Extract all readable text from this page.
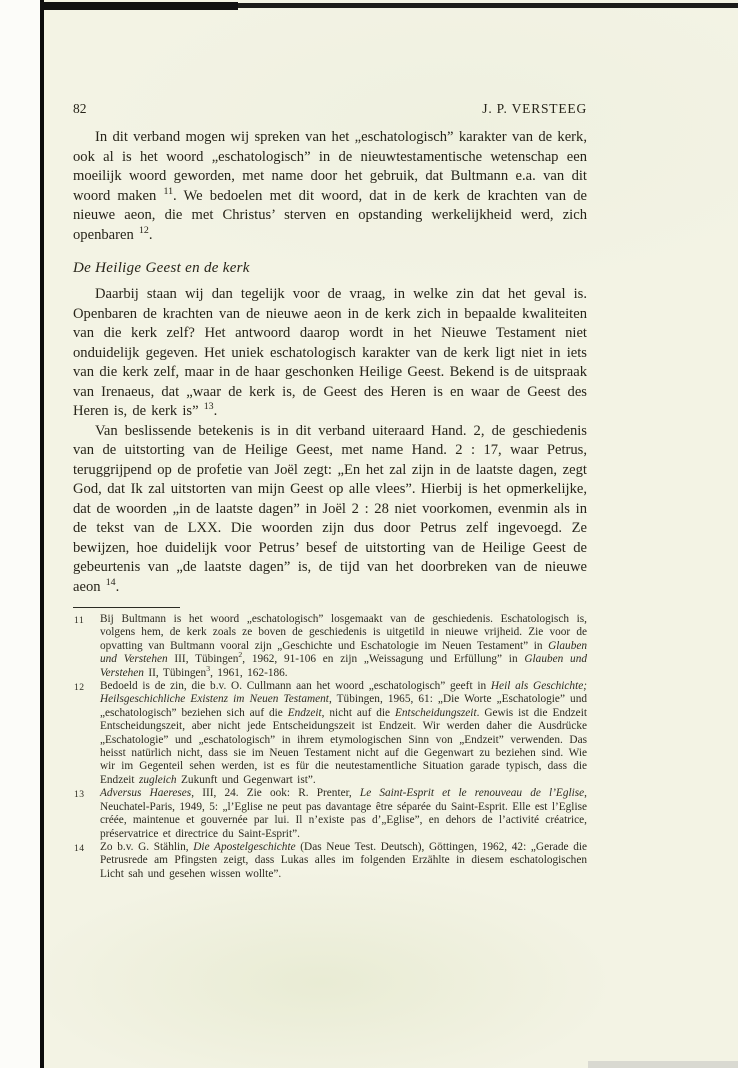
82	J. P. VERSTEEG

In dit verband mogen wij spreken van het „eschatologisch” karakter van de kerk, ook al is het woord „eschatologisch” in de nieuwtestamentische wetenschap een moeilijk woord geworden, met name door het gebruik, dat Bultmann e.a. van dit woord maken $^{11}$. We bedoelen met dit woord, dat in de kerk de krachten van de nieuwe aeon, die met Christus’ sterven en opstanding werkelijkheid werd, zich openbaren $^{12}$.

De Heilige Geest en de kerk

Daarbij staan wij dan tegelijk voor de vraag, in welke zin dat het geval is. Openbaren de krachten van de nieuwe aeon in de kerk zich in bepaalde kwaliteiten van die kerk zelf? Het antwoord daarop wordt in het Nieuwe Testament niet onduidelijk gegeven. Het uniek eschatologisch karakter van de kerk ligt niet in iets van die kerk zelf, maar in de haar geschonken Heilige Geest. Bekend is de uitspraak van Irenaeus, dat „waar de kerk is, de Geest des Heren is en waar de Geest des Heren is, de kerk is” $^{13}$.

Van beslissende betekenis is in dit verband uiteraard Hand. 2, de geschiedenis van de uitstorting van de Heilige Geest, met name Hand. 2 : 17, waar Petrus, teruggrijpend op de profetie van Joël zegt: „En het zal zijn in de laatste dagen, zegt God, dat Ik zal uitstorten van mijn Geest op alle vlees”. Hierbij is het opmerkelijke, dat de woorden „in de laatste dagen” in Joël 2 : 28 niet voorkomen, evenmin als in de tekst van de LXX. Die woorden zijn dus door Petrus zelf ingevoegd. Ze bewijzen, hoe duidelijk voor Petrus’ besef de uitstorting van de Heilige Geest de gebeurtenis van „de laatste dagen” is, de tijd van het doorbreken van de nieuwe aeon $^{14}$.

11 Bij Bultmann is het woord „eschatologisch” losgemaakt van de geschiedenis. Eschatologisch is, volgens hem, de kerk zoals ze boven de geschiedenis is uitgetild in nieuwe vrijheid. Zie voor de opvatting van Bultmann vooral zijn „Geschichte und Eschatologie im Neuen Testament” in Glauben und Verstehen III, Tübingen$^2$, 1962, 91-106 en zijn „Weissagung und Erfüllung” in Glauben und Verstehen II, Tübingen$^3$, 1961, 162-186.
12 Bedoeld is de zin, die b.v. O. Cullmann aan het woord „eschatologisch” geeft in Heil als Geschichte; Heilsgeschichliche Existenz im Neuen Testament, Tübingen, 1965, 61: „Die Worte „Eschatologie” und „eschatologisch” beziehen sich auf die Endzeit, nicht auf die Entscheidungszeit. Gewis ist die Endzeit Entscheidungszeit, aber nicht jede Entscheidungszeit ist Endzeit. Wir werden daher die Ausdrücke „Eschatologie” und „eschatologisch” in ihrem etymologischen Sinn von „Endzeit” verwenden. Das heisst natürlich nicht, dass sie im Neuen Testament nicht auf die Gegenwart zu beziehen sind. Wie wir im Gegenteil sehen werden, ist es für die neutestamentliche Situation garade typisch, dass die Endzeit zugleich Zukunft und Gegenwart ist”.
13 Adversus Haereses, III, 24. Zie ook: R. Prenter, Le Saint-Esprit et le renouveau de l’Eglise, Neuchatel-Paris, 1949, 5: „l’Eglise ne peut pas davantage être séparée du Saint-Esprit. Elle est l’Eglise créée, maintenue et gouvernée par lui. Il n’existe pas d’„Eglise”, en dehors de l’activité créatrice, préservatrice et directrice du Saint-Esprit”.
14 Zo b.v. G. Stählin, Die Apostelgeschichte (Das Neue Test. Deutsch), Göttingen, 1962, 42: „Gerade die Petrusrede am Pfingsten zeigt, dass Lukas alles im folgenden Erzählte in diesem eschatologischen Licht sah und gesehen wissen wollte”.
